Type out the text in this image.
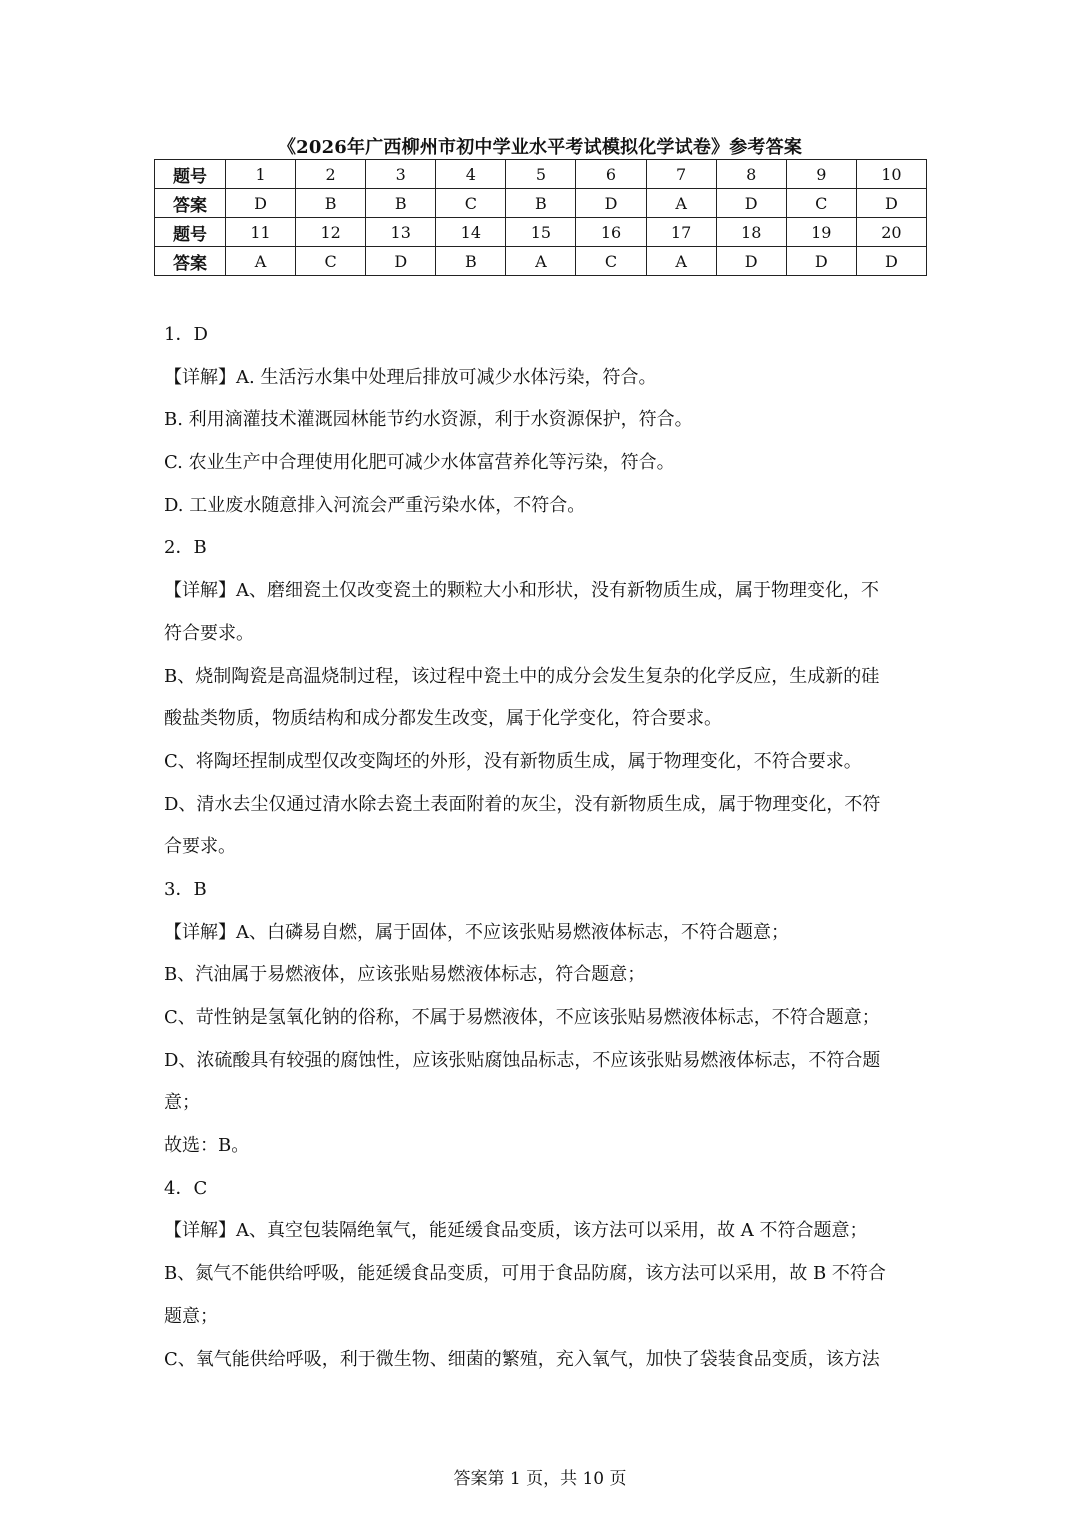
《2026年广西柳州市初中学业水平考试模拟化学试卷》参考答案
题号	1	2	3	4	5	6	7	8	9	10
答案	D	B	B	C	B	D	A	D	C	D
题号	11	12	13	14	15	16	17	18	19	20
答案	A	C	D	B	A	C	A	D	D	D
1．D
【详解】A. 生活污水集中处理后排放可减少水体污染，符合。
B. 利用滴灌技术灌溉园林能节约水资源，利于水资源保护，符合。
C. 农业生产中合理使用化肥可减少水体富营养化等污染，符合。
D. 工业废水随意排入河流会严重污染水体，不符合。
2．B
【详解】A、磨细瓷土仅改变瓷土的颗粒大小和形状，没有新物质生成，属于物理变化，不
符合要求。
B、烧制陶瓷是高温烧制过程，该过程中瓷土中的成分会发生复杂的化学反应，生成新的硅
酸盐类物质，物质结构和成分都发生改变，属于化学变化，符合要求。
C、将陶坯捏制成型仅改变陶坯的外形，没有新物质生成，属于物理变化，不符合要求。
D、清水去尘仅通过清水除去瓷土表面附着的灰尘，没有新物质生成，属于物理变化，不符
合要求。
3．B
【详解】A、白磷易自燃，属于固体，不应该张贴易燃液体标志，不符合题意；
B、汽油属于易燃液体，应该张贴易燃液体标志，符合题意；
C、苛性钠是氢氧化钠的俗称，不属于易燃液体，不应该张贴易燃液体标志，不符合题意；
D、浓硫酸具有较强的腐蚀性，应该张贴腐蚀品标志，不应该张贴易燃液体标志，不符合题
意；
故选：B。
4．C
【详解】A、真空包装隔绝氧气，能延缓食品变质，该方法可以采用，故 A 不符合题意；
B、氮气不能供给呼吸，能延缓食品变质，可用于食品防腐，该方法可以采用，故 B 不符合
题意；
C、氧气能供给呼吸，利于微生物、细菌的繁殖，充入氧气，加快了袋装食品变质，该方法
答案第 1 页，共 10 页
